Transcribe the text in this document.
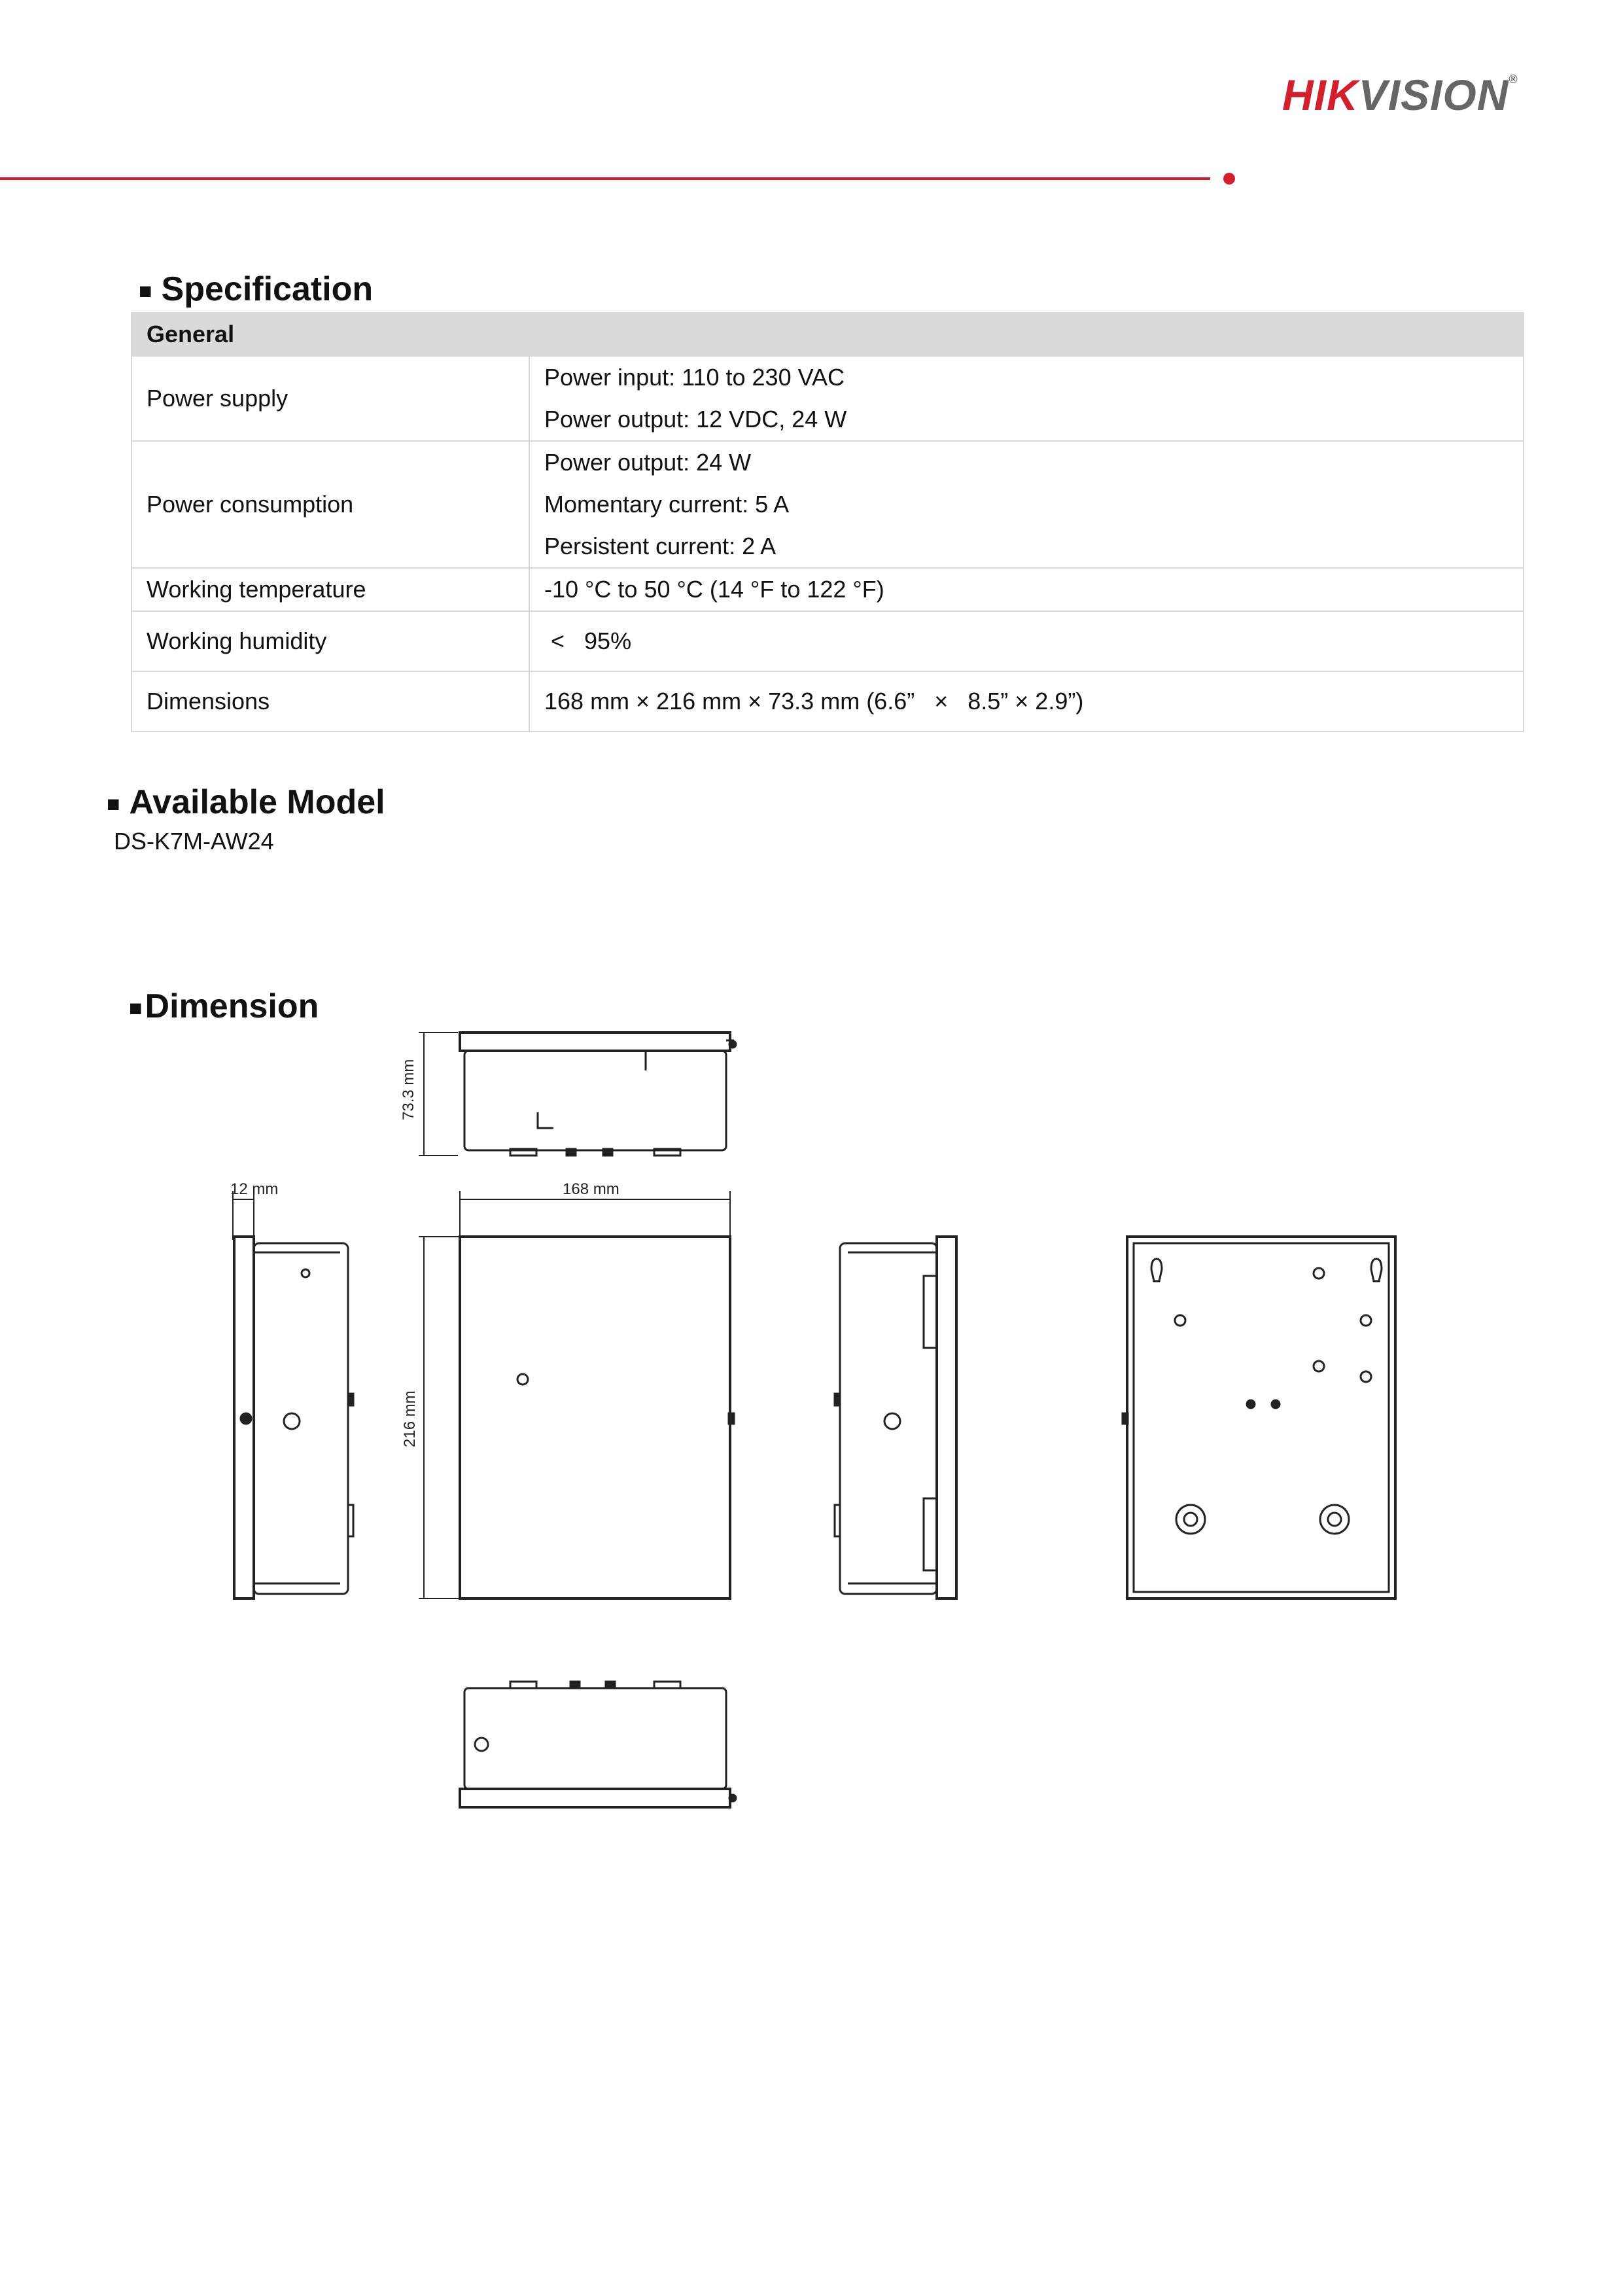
HIKVISION®
■ Specification
General	
Power supply	Power input: 110 to 230 VAC
Power output: 12 VDC, 24 W

Power consumption	Power output: 24 W
Momentary current: 5 A
Persistent current: 2 A

Working temperature	-10 °C to 50 °C (14 °F to 122 °F)

Working humidity	<   95%

Dimensions	168 mm × 216 mm × 73.3 mm (6.6”   ×   8.5” × 2.9”)
■ Available Model
DS-K7M-AW24
■Dimension
73.3 mm
168 mm
12 mm
216 mm
